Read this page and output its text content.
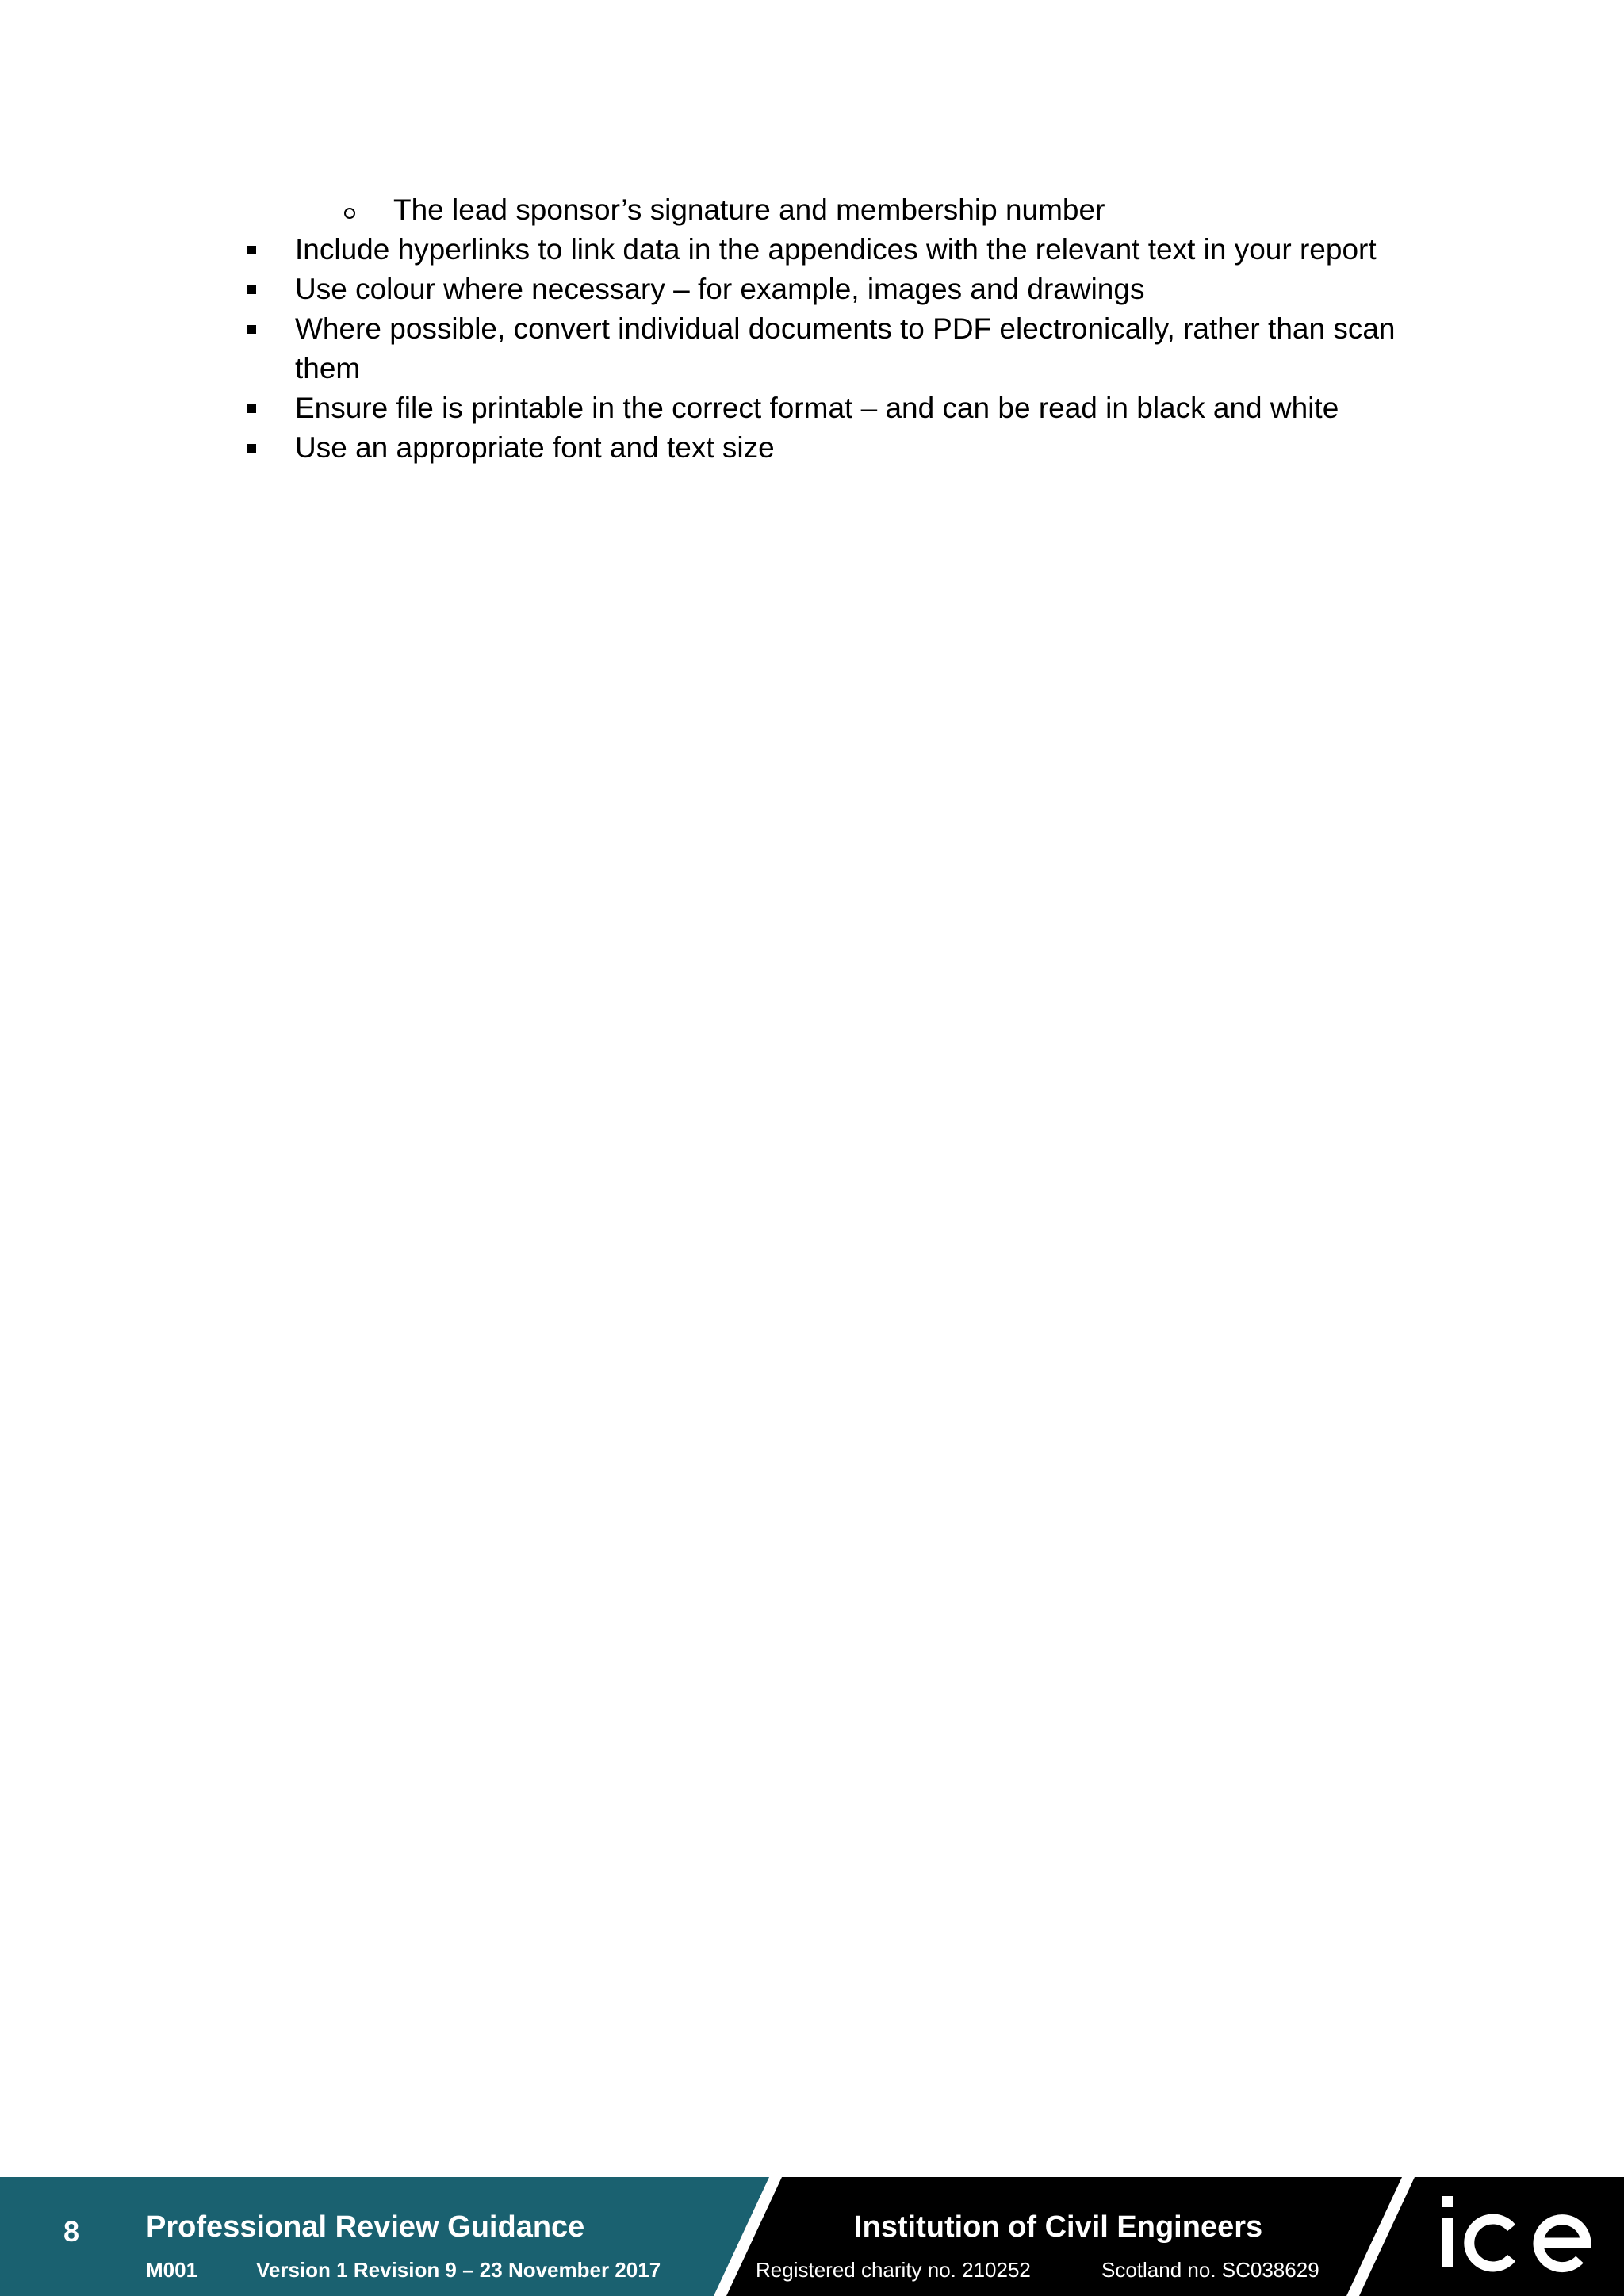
The lead sponsor’s signature and membership number
Include hyperlinks to link data in the appendices with the relevant text in your report
Use colour where necessary – for example, images and drawings
Where possible, convert individual documents to PDF electronically, rather than scan them
Ensure file is printable in the correct format – and can be read in black and white
Use an appropriate font and text size
8 Professional Review Guidance
M001	Version 1 Revision 9 – 23 November 2017
Institution of Civil Engineers
Registered charity no. 210252	Scotland no. SC038629
